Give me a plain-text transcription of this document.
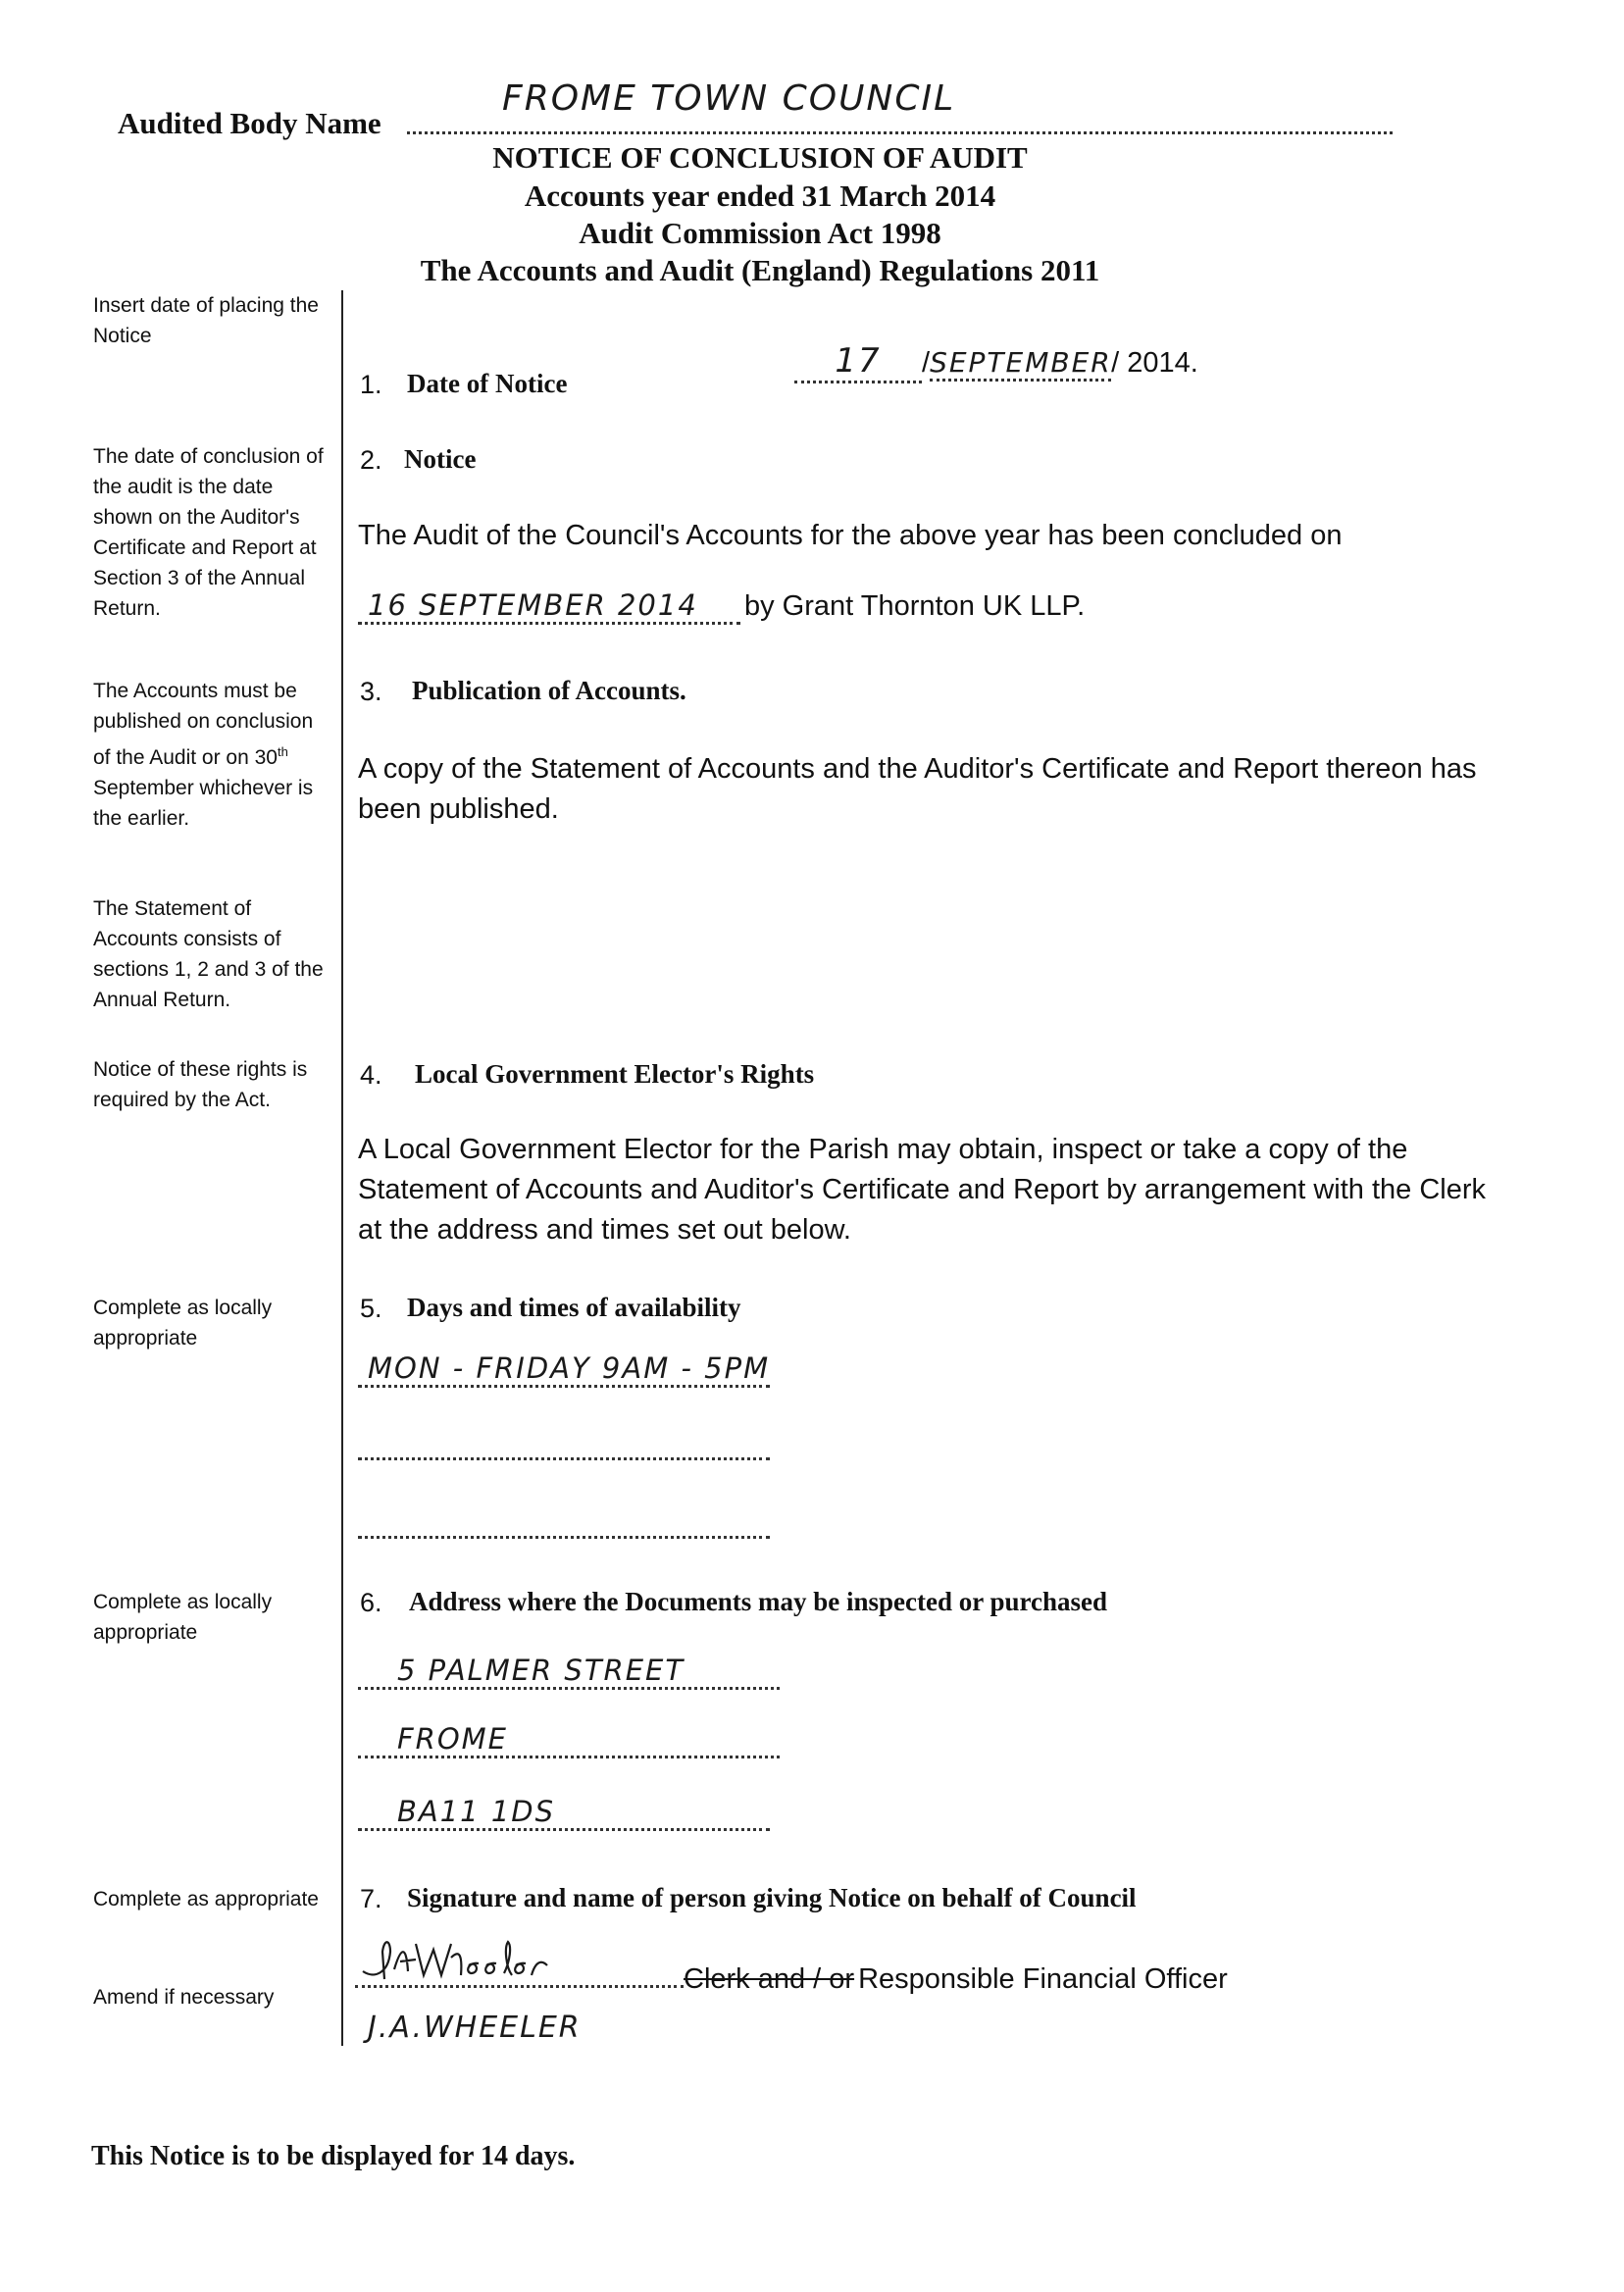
Audited Body Name
FROME TOWN COUNCIL
NOTICE OF CONCLUSION OF AUDIT
Accounts year ended 31 March 2014
Audit Commission Act 1998
The Accounts and Audit (England) Regulations 2011
Insert date of placing the Notice
The date of conclusion of the audit is the date shown on the Auditor's Certificate and Report at Section 3 of the Annual Return.
The Accounts must be published on conclusion of the Audit or on 30th September whichever is the earlier.
The Statement of Accounts consists of sections 1, 2 and 3 of the Annual Return.
Notice of these rights is required by the Act.
Complete as locally appropriate
Complete as locally appropriate
Complete as appropriate
Amend if necessary
1. Date of Notice
17 /SEPTEMBER/ 2014.
2. Notice
The Audit of the Council's Accounts for the above year has been concluded on
16 SEPTEMBER 2014 by Grant Thornton UK LLP.
3. Publication of Accounts.
A copy of the Statement of Accounts and the Auditor's Certificate and Report thereon has been published.
4. Local Government Elector's Rights
A Local Government Elector for the Parish may obtain, inspect or take a copy of the Statement of Accounts and Auditor's Certificate and Report by arrangement with the Clerk at the address and times set out below.
5. Days and times of availability
MON - FRIDAY 9AM - 5PM
6. Address where the Documents may be inspected or purchased
5 PALMER STREET
FROME
BA11 1DS
7. Signature and name of person giving Notice on behalf of Council
Clerk and / or Responsible Financial Officer
J.A.WHEELER
This Notice is to be displayed for 14 days.
